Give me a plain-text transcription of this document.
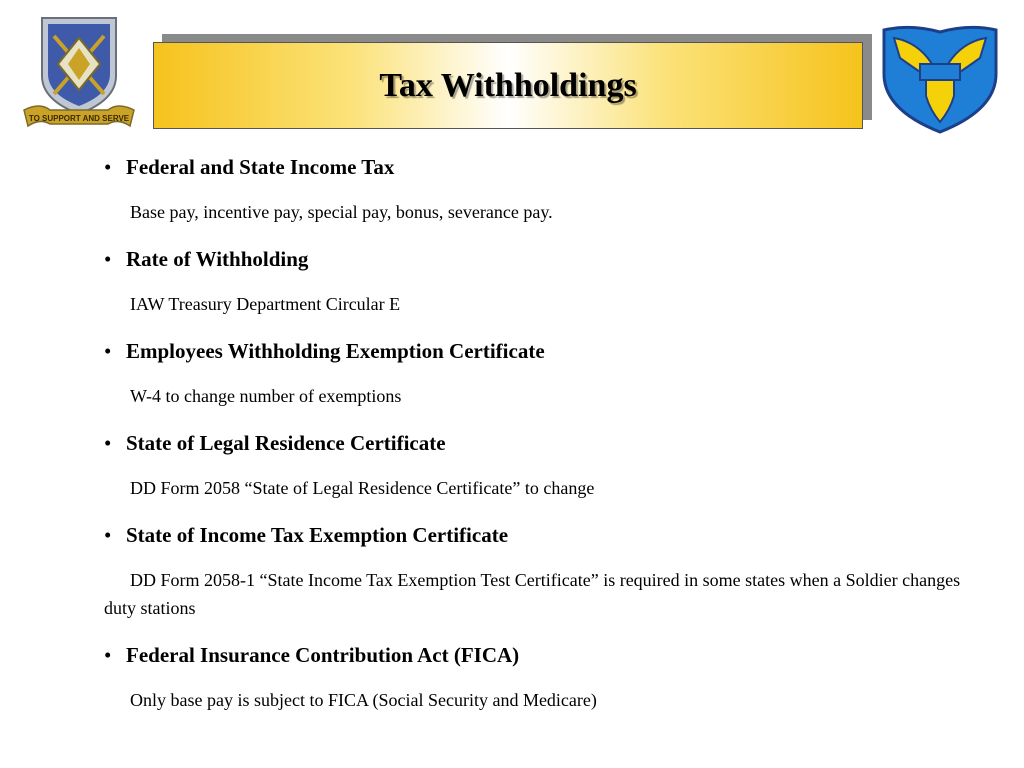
TO SUPPORT AND SERVE
Tax Withholdings
• Federal and State Income Tax

Base pay, incentive pay, special pay, bonus, severance pay.

• Rate of Withholding

IAW Treasury Department Circular E

• Employees Withholding Exemption Certificate

W-4 to change number of exemptions

• State of Legal Residence Certificate

DD Form 2058 “State of Legal Residence Certificate” to change

• State of Income Tax Exemption Certificate

DD Form 2058-1 “State Income Tax Exemption Test Certificate” is required in some states when a Soldier changes duty stations

• Federal Insurance Contribution Act (FICA)

Only base pay is subject to FICA (Social Security and Medicare)
